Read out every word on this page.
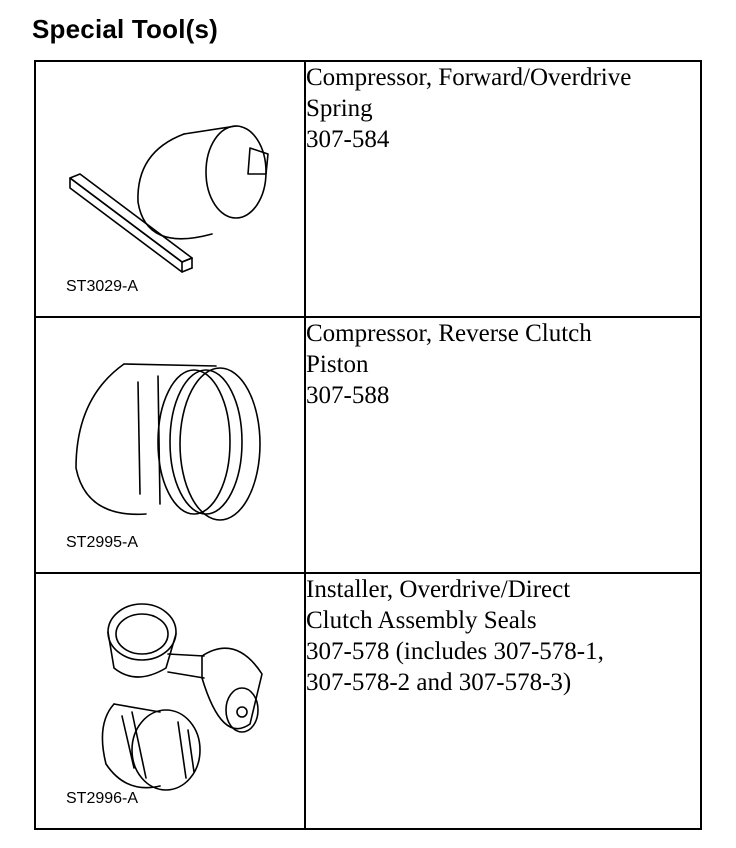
Special Tool(s)
ST3029-A	Compressor, Forward/Overdrive
Spring
307-584

ST2995-A	Compressor, Reverse Clutch
Piston
307-588

ST2996-A	Installer, Overdrive/Direct
Clutch Assembly Seals
307-578 (includes 307-578-1,
307-578-2 and 307-578-3)
